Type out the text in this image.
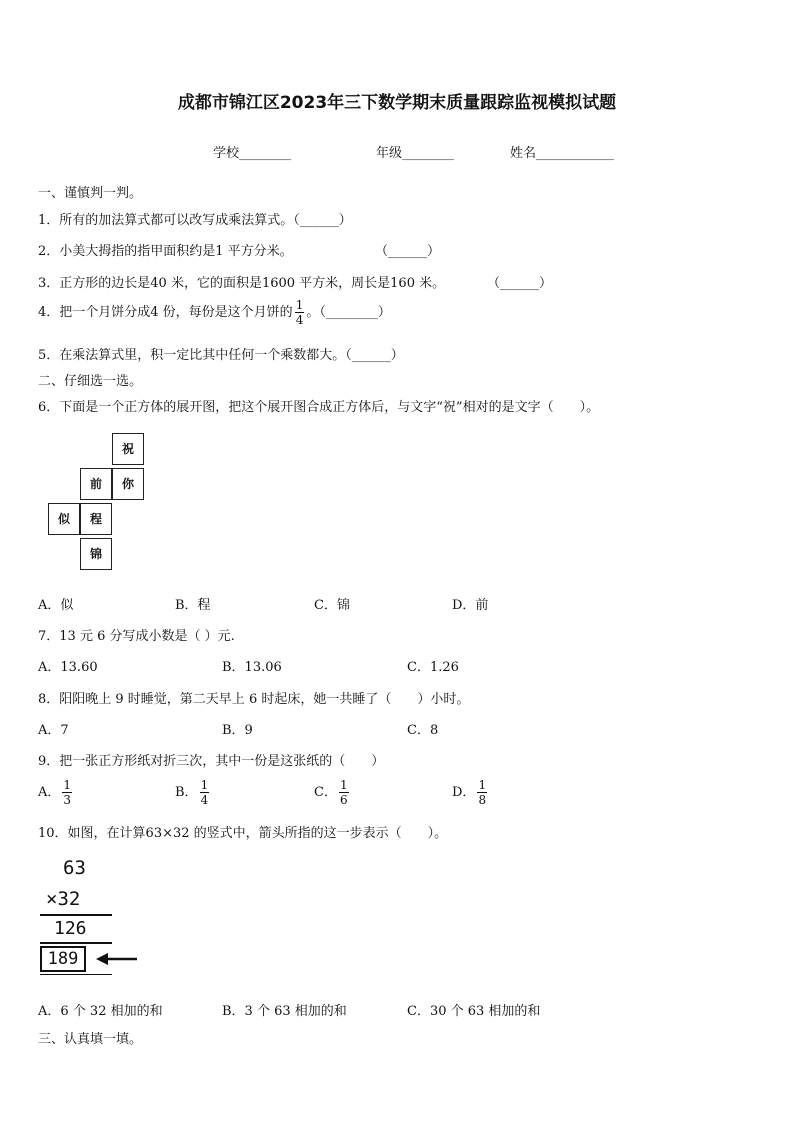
成都市锦江区2023年三下数学期末质量跟踪监视模拟试题
学校________	年级________	姓名____________
一、谨慎判一判。
1．所有的加法算式都可以改写成乘法算式。（______）
2．小美大拇指的指甲面积约是1 平方分米。	（______）
3．正方形的边长是40 米，它的面积是1600 平方米，周长是160 米。	（______）
4．把一个月饼分成4 份，每份是这个月饼的 $\frac{1}{4}$ 。（________）
5．在乘法算式里，积一定比其中任何一个乘数都大。（______）
二、仔细选一选。
6．下面是一个正方体的展开图，把这个展开图合成正方体后，与文字“祝”相对的是文字（　　）。
祝
前	你
似	程
锦
A．似	B．程	C．锦	D．前
7．13 元 6 分写成小数是（ ）元.
A．13.60	B．13.06	C．1.26
8．阳阳晚上 9 时睡觉，第二天早上 6 时起床，她一共睡了（　　）小时。
A．7	B．9	C．8
9．把一张正方形纸对折三次，其中一份是这张纸的（　　）
A． $\frac{1}{3}$	B． $\frac{1}{4}$	C． $\frac{1}{6}$	D． $\frac{1}{8}$
10．如图，在计算63×32 的竖式中，箭头所指的这一步表示（　　）。
63
×32
126
189
A．6 个 32 相加的和	B．3 个 63 相加的和	C．30 个 63 相加的和
三、认真填一填。
